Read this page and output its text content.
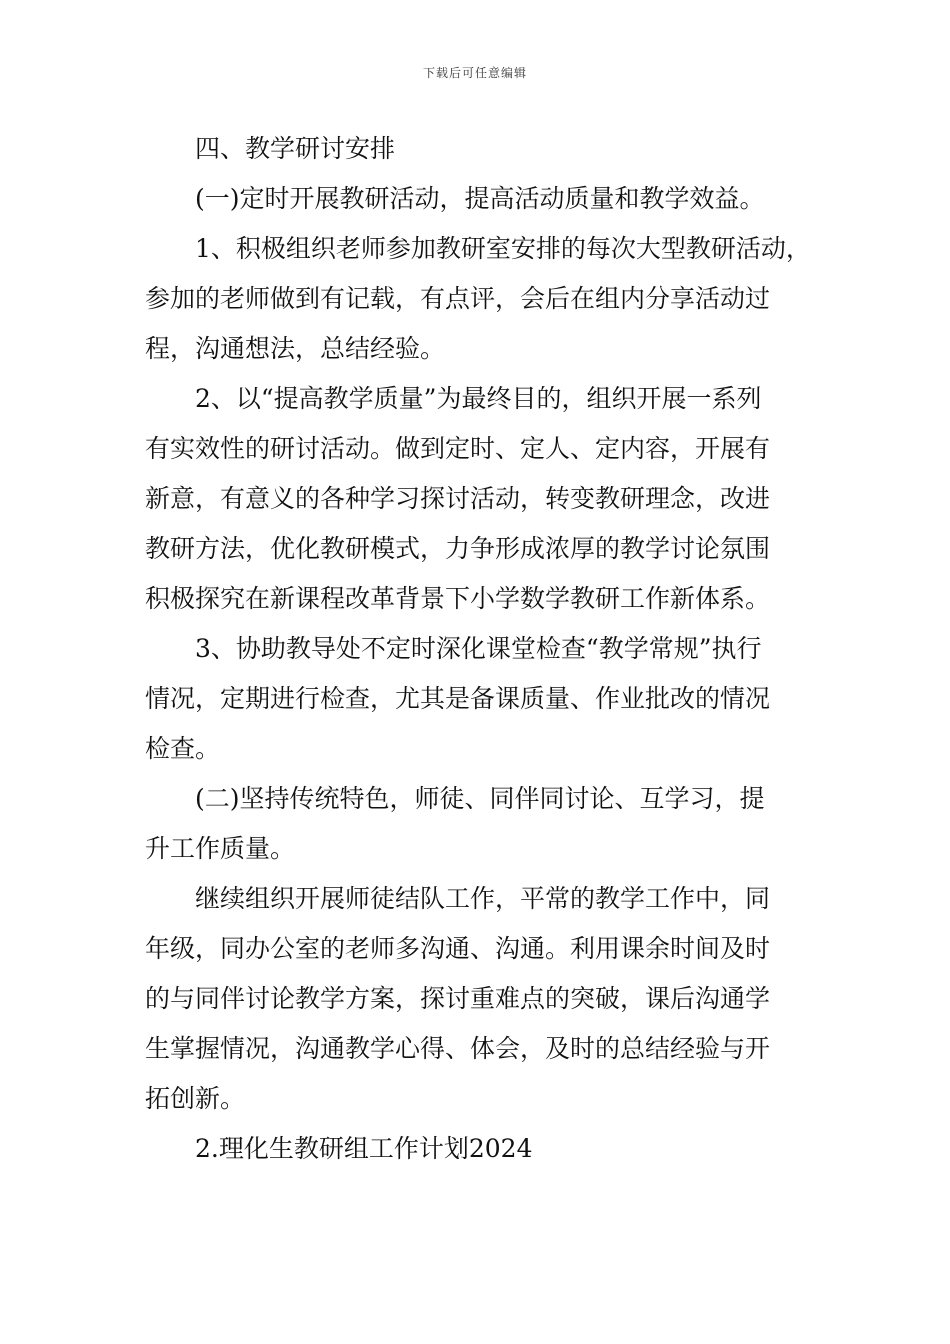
下载后可任意编辑
四、教学研讨安排
(一)定时开展教研活动，提高活动质量和教学效益。
1、积极组织老师参加教研室安排的每次大型教研活动，
参加的老师做到有记载，有点评，会后在组内分享活动过
程，沟通想法，总结经验。
2、以“提高教学质量”为最终目的，组织开展一系列
有实效性的研讨活动。做到定时、定人、定内容，开展有
新意，有意义的各种学习探讨活动，转变教研理念，改进
教研方法，优化教研模式，力争形成浓厚的教学讨论氛围
积极探究在新课程改革背景下小学数学教研工作新体系。
3、协助教导处不定时深化课堂检查“教学常规”执行
情况，定期进行检查，尤其是备课质量、作业批改的情况
检查。
(二)坚持传统特色，师徒、同伴同讨论、互学习，提
升工作质量。
继续组织开展师徒结队工作，平常的教学工作中，同
年级，同办公室的老师多沟通、沟通。利用课余时间及时
的与同伴讨论教学方案，探讨重难点的突破，课后沟通学
生掌握情况，沟通教学心得、体会，及时的总结经验与开
拓创新。
2.理化生教研组工作计划2024
